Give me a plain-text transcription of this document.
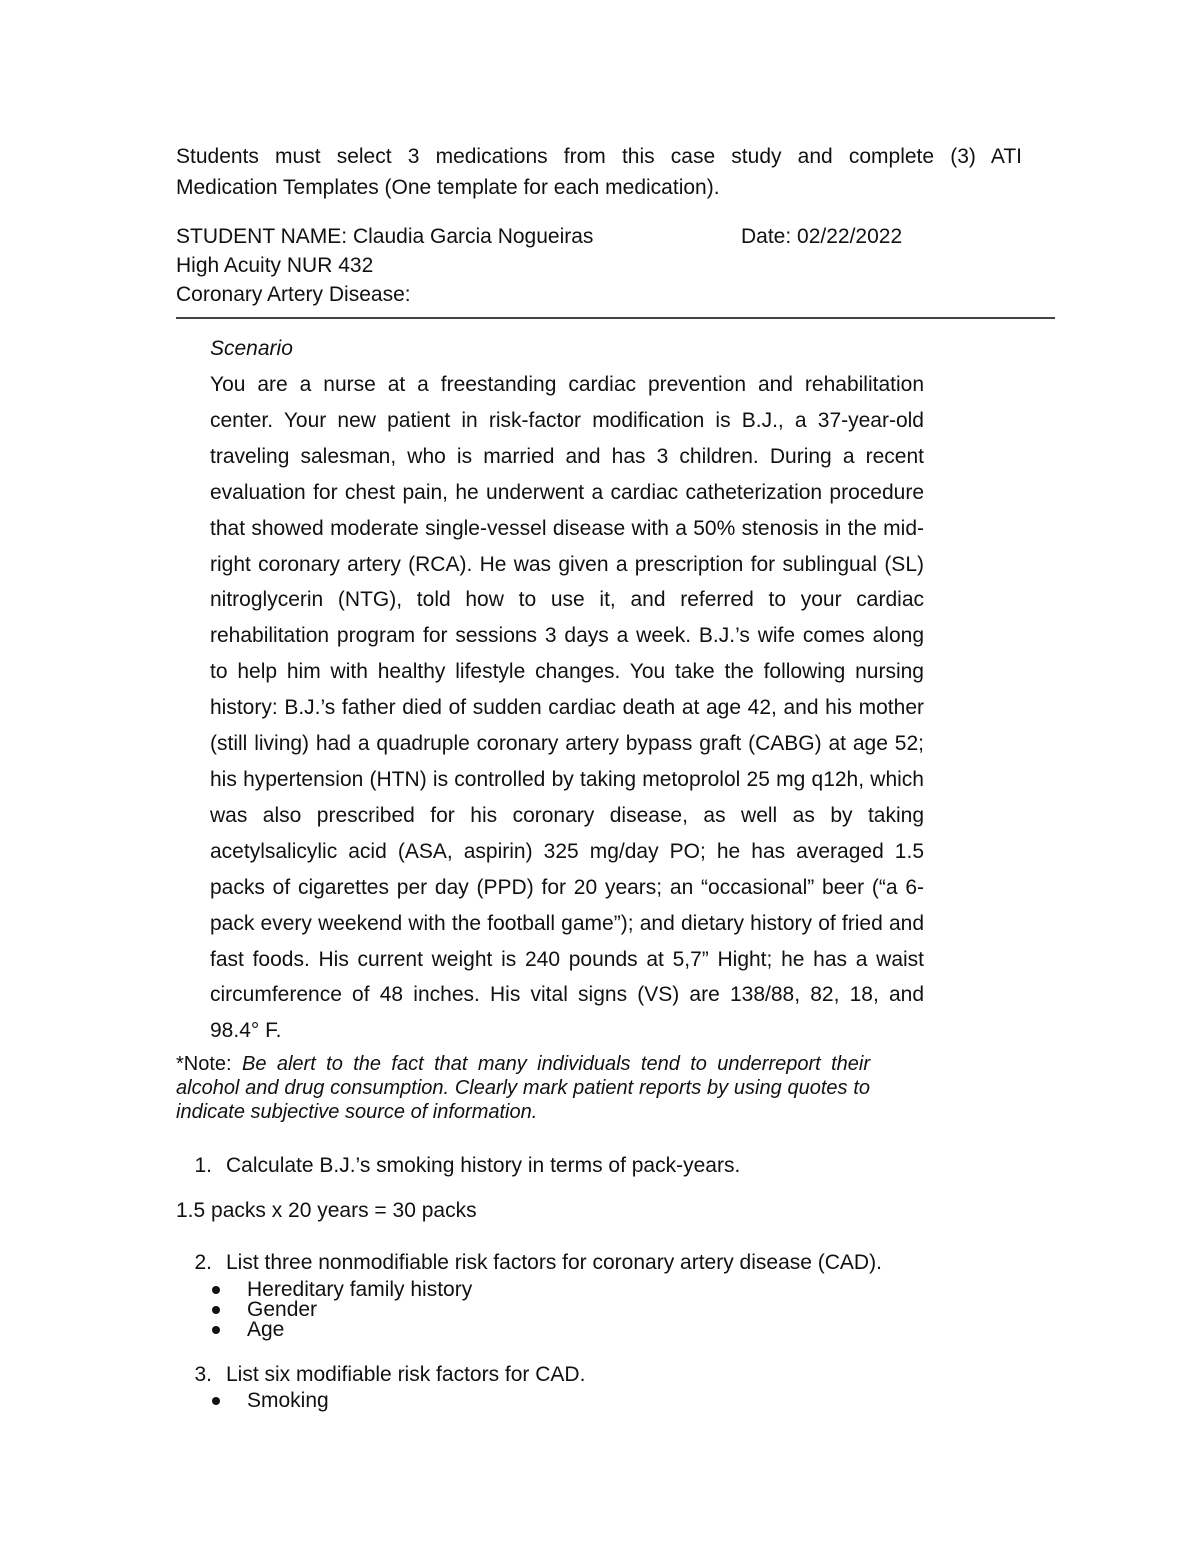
Students must select 3 medications from this case study and complete (3) ATI
Medication Templates (One template for each medication).
STUDENT NAME: Claudia Garcia Nogueiras	Date: 02/22/2022
High Acuity NUR 432
Coronary Artery Disease:
Scenario
You are a nurse at a freestanding cardiac prevention and rehabilitation center. Your new patient in risk-factor modification is B.J., a 37-year-old traveling salesman, who is married and has 3 children. During a recent evaluation for chest pain, he underwent a cardiac catheterization procedure that showed moderate single-vessel disease with a 50% stenosis in the mid-right coronary artery (RCA). He was given a prescription for sublingual (SL) nitroglycerin (NTG), told how to use it, and referred to your cardiac rehabilitation program for sessions 3 days a week. B.J.’s wife comes along to help him with healthy lifestyle changes. You take the following nursing history: B.J.’s father died of sudden cardiac death at age 42, and his mother (still living) had a quadruple coronary artery bypass graft (CABG) at age 52; his hypertension (HTN) is controlled by taking metoprolol 25 mg q12h, which was also prescribed for his coronary disease, as well as by taking acetylsalicylic acid (ASA, aspirin) 325 mg/day PO; he has averaged 1.5 packs of cigarettes per day (PPD) for 20 years; an “occasional” beer (“a 6-pack every weekend with the football game”); and dietary history of fried and fast foods. His current weight is 240 pounds at 5,7” Hight; he has a waist circumference of 48 inches. His vital signs (VS) are 138/88, 82, 18, and 98.4° F.
*Note: Be alert to the fact that many individuals tend to underreport their alcohol and drug consumption. Clearly mark patient reports by using quotes to indicate subjective source of information.
1. Calculate B.J.’s smoking history in terms of pack-years.
1.5 packs x 20 years = 30 packs
2. List three nonmodifiable risk factors for coronary artery disease (CAD).
Hereditary family history
Gender
Age
3. List six modifiable risk factors for CAD.
Smoking
